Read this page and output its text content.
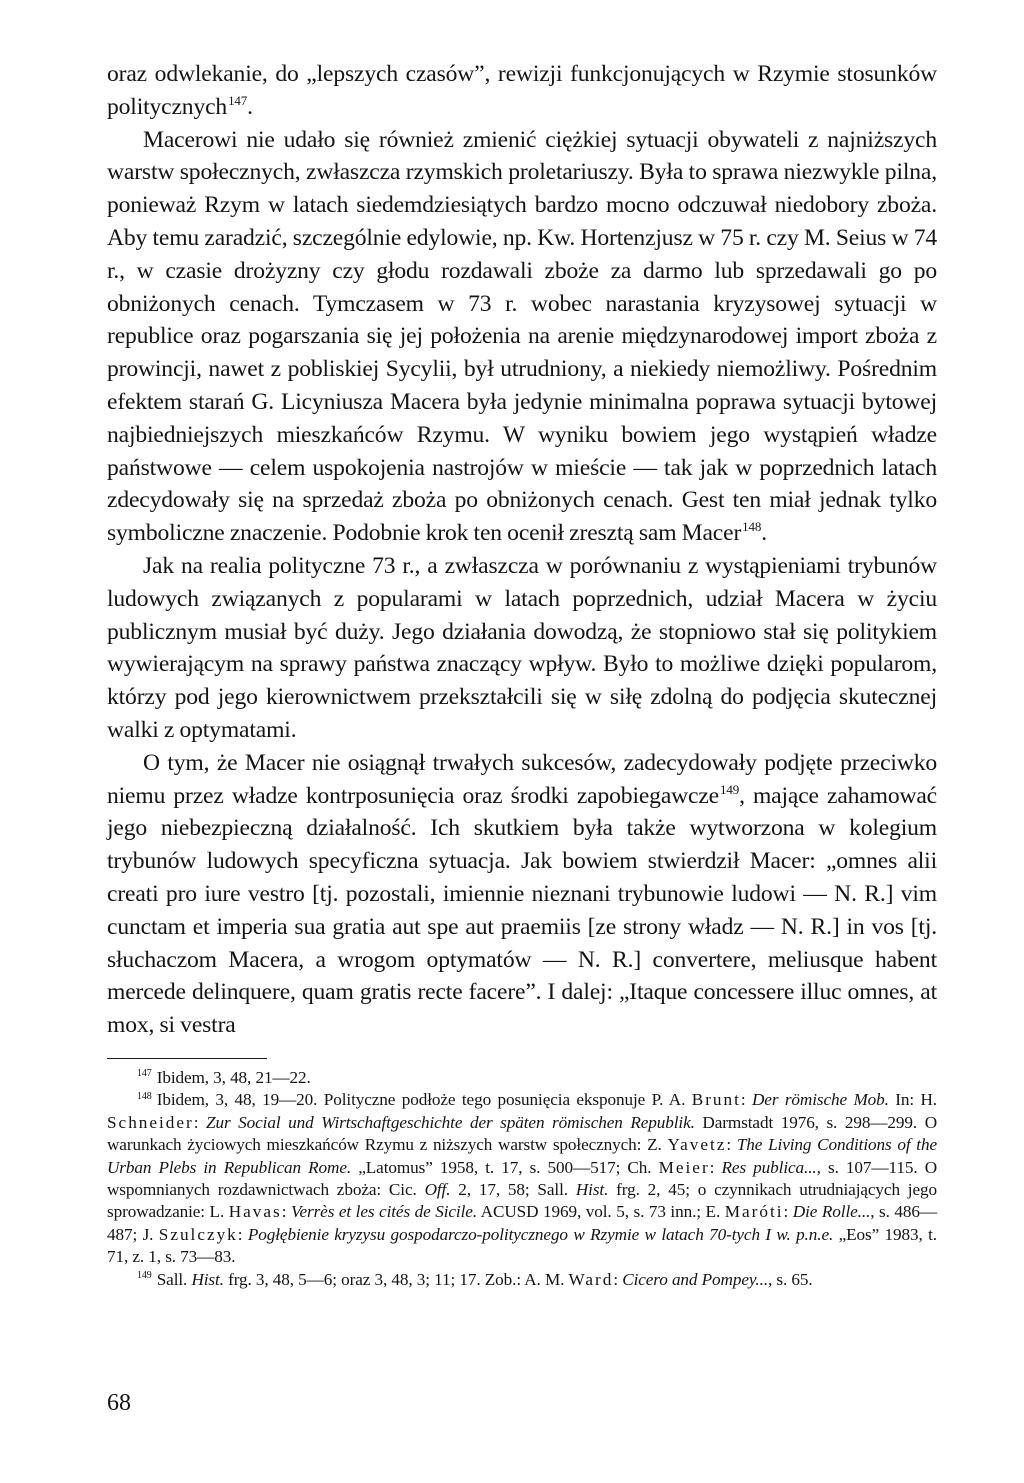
oraz odwlekanie, do „lepszych czasów”, rewizji funkcjonujących w Rzymie stosunków politycznych$^{147}$.

Macerowi nie udało się również zmienić ciężkiej sytuacji obywateli z najniższych warstw społecznych, zwłaszcza rzymskich proletariuszy. Była to sprawa niezwykle pilna, ponieważ Rzym w latach siedemdziesiątych bardzo mocno odczuwał niedobory zboża. Aby temu zaradzić, szczególnie edylowie, np. Kw. Hortenzjusz w 75 r. czy M. Seius w 74 r., w czasie drożyzny czy głodu rozdawali zboże za darmo lub sprzedawali go po obniżonych cenach. Tymczasem w 73 r. wobec narastania kryzysowej sytuacji w republice oraz pogarszania się jej położenia na arenie międzynarodowej import zboża z prowincji, nawet z pobliskiej Sycylii, był utrudniony, a niekiedy niemożliwy. Pośrednim efektem starań G. Licyniusza Macera była jedynie minimalna poprawa sytuacji bytowej najbiedniejszych mieszkańców Rzymu. W wyniku bowiem jego wystąpień władze państwowe — celem uspokojenia nastrojów w mieście — tak jak w poprzednich latach zdecydowały się na sprzedaż zboża po obniżonych cenach. Gest ten miał jednak tylko symboliczne znaczenie. Podobnie krok ten ocenił zresztą sam Macer$^{148}$.

Jak na realia polityczne 73 r., a zwłaszcza w porównaniu z wystąpieniami trybunów ludowych związanych z popularami w latach poprzednich, udział Macera w życiu publicznym musiał być duży. Jego działania dowodzą, że stopniowo stał się politykiem wywierającym na sprawy państwa znaczący wpływ. Było to możliwe dzięki popularom, którzy pod jego kierownictwem przekształcili się w siłę zdolną do podjęcia skutecznej walki z optymatami.

O tym, że Macer nie osiągnął trwałych sukcesów, zadecydowały podjęte przeciwko niemu przez władze kontrposunięcia oraz środki zapobiegawcze$^{149}$, mające zahamować jego niebezpieczną działalność. Ich skutkiem była także wytworzona w kolegium trybunów ludowych specyficzna sytuacja. Jak bowiem stwierdził Macer: „omnes alii creati pro iure vestro [tj. pozostali, imiennie nieznani trybunowie ludowi — N. R.] vim cunctam et imperia sua gratia aut spe aut praemiis [ze strony władz — N. R.] in vos [tj. słuchaczom Macera, a wrogom optymatów — N. R.] convertere, meliusque habent mercede delinquere, quam gratis recte facere”. I dalej: „Itaque concessere illuc omnes, at mox, si vestra

$^{147}$ Ibidem, 3, 48, 21—22.

$^{148}$ Ibidem, 3, 48, 19—20. Polityczne podłoże tego posunięcia eksponuje P. A. Brunt: Der römische Mob. In: H. Schneider: Zur Social und Wirtschaftgeschichte der späten römischen Republik. Darmstadt 1976, s. 298—299. O warunkach życiowych mieszkańców Rzymu z niższych warstw społecznych: Z. Yavetz: The Living Conditions of the Urban Plebs in Republican Rome. „Latomus” 1958, t. 17, s. 500—517; Ch. Meier: Res publica..., s. 107—115. O wspomnianych rozdawnictwach zboża: Cic. Off. 2, 17, 58; Sall. Hist. frg. 2, 45; o czynnikach utrudniających jego sprowadzanie: L. Havas: Verrès et les cités de Sicile. ACUSD 1969, vol. 5, s. 73 inn.; E. Maróti: Die Rolle..., s. 486—487; J. Szulczyk: Pogłębienie kryzysu gospodarczo-politycznego w Rzymie w latach 70-tych I w. p.n.e. „Eos” 1983, t. 71, z. 1, s. 73—83.

$^{149}$ Sall. Hist. frg. 3, 48, 5—6; oraz 3, 48, 3; 11; 17. Zob.: A. M. Ward: Cicero and Pompey..., s. 65.

68
